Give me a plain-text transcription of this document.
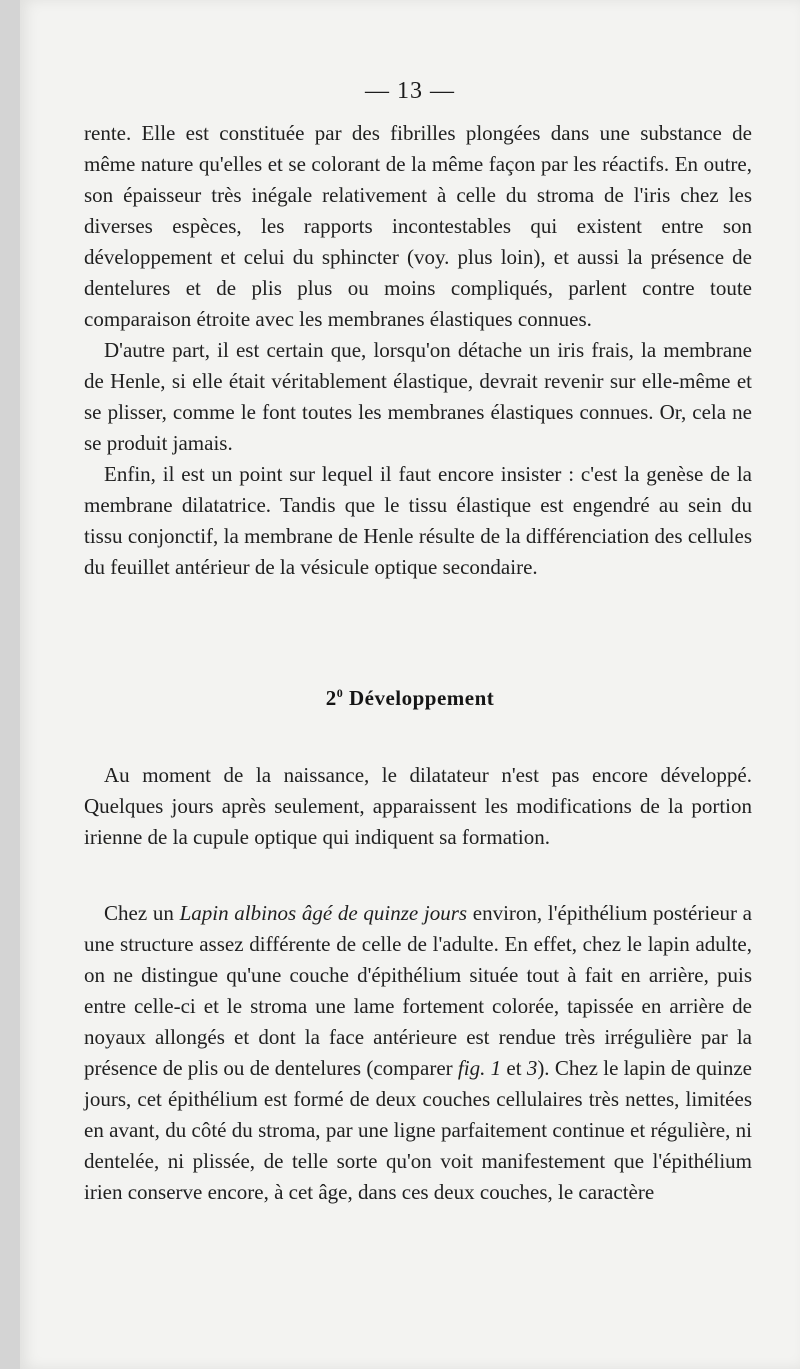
— 13 —

rente. Elle est constituée par des fibrilles plongées dans une substance de même nature qu'elles et se colorant de la même façon par les réactifs. En outre, son épaisseur très inégale relativement à celle du stroma de l'iris chez les diverses espèces, les rapports incontestables qui existent entre son développement et celui du sphincter (voy. plus loin), et aussi la présence de dentelures et de plis plus ou moins compliqués, parlent contre toute comparaison étroite avec les membranes élastiques connues.

D'autre part, il est certain que, lorsqu'on détache un iris frais, la membrane de Henle, si elle était véritablement élastique, devrait revenir sur elle-même et se plisser, comme le font toutes les membranes élastiques connues. Or, cela ne se produit jamais.

Enfin, il est un point sur lequel il faut encore insister : c'est la genèse de la membrane dilatatrice. Tandis que le tissu élastique est engendré au sein du tissu conjonctif, la membrane de Henle résulte de la différenciation des cellules du feuillet antérieur de la vésicule optique secondaire.

$2^0$ Développement

Au moment de la naissance, le dilatateur n'est pas encore développé. Quelques jours après seulement, apparaissent les modifications de la portion irienne de la cupule optique qui indiquent sa formation.

Chez un Lapin albinos âgé de quinze jours environ, l'épithélium postérieur a une structure assez différente de celle de l'adulte. En effet, chez le lapin adulte, on ne distingue qu'une couche d'épithélium située tout à fait en arrière, puis entre celle-ci et le stroma une lame fortement colorée, tapissée en arrière de noyaux allongés et dont la face antérieure est rendue très irrégulière par la présence de plis ou de dentelures (comparer fig. 1 et 3). Chez le lapin de quinze jours, cet épithélium est formé de deux couches cellulaires très nettes, limitées en avant, du côté du stroma, par une ligne parfaitement continue et régulière, ni dentelée, ni plissée, de telle sorte qu'on voit manifestement que l'épithélium irien conserve encore, à cet âge, dans ces deux couches, le caractère
